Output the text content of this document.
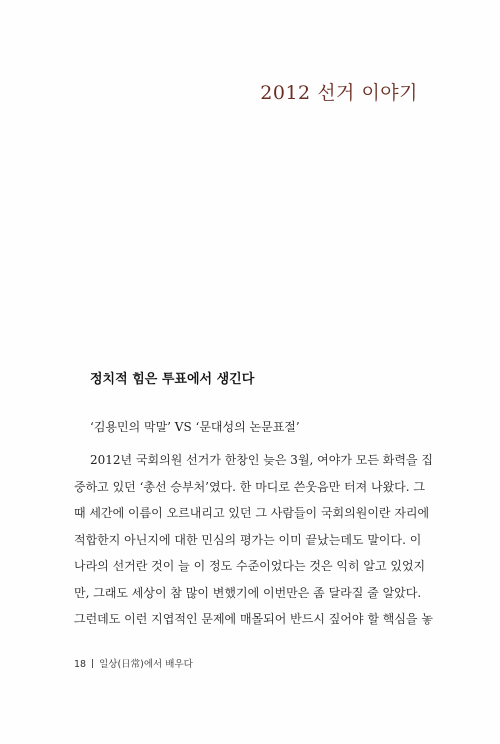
2012 선거 이야기
정치적 힘은 투표에서 생긴다
‘김용민의 막말’ VS ‘문대성의 논문표절’
2012년 국회의원 선거가 한창인 늦은 3월, 여야가 모든 화력을 집
중하고 있던 ‘총선 승부처’였다. 한 마디로 쓴웃음만 터져 나왔다. 그
때 세간에 이름이 오르내리고 있던 그 사람들이 국회의원이란 자리에
적합한지 아닌지에 대한 민심의 평가는 이미 끝났는데도 말이다. 이
나라의 선거란 것이 늘 이 정도 수준이었다는 것은 익히 알고 있었지
만, 그래도 세상이 참 많이 변했기에 이번만은 좀 달라질 줄 알았다.
그런데도 이런 지엽적인 문제에 매몰되어 반드시 짚어야 할 핵심을 놓
18 일상(日常)에서 배우다
